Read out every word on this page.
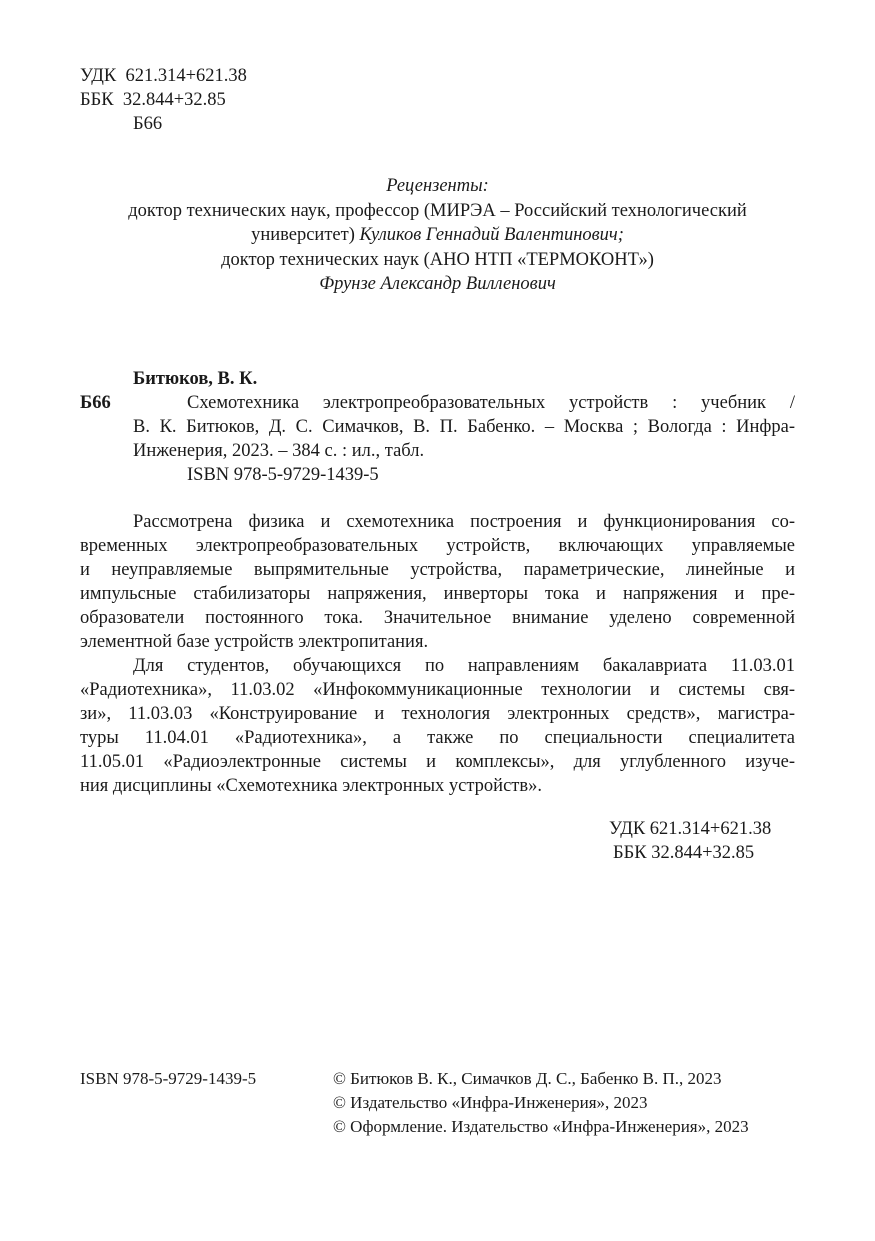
УДК 621.314+621.38
ББК 32.844+32.85
Б66
Рецензенты:
доктор технических наук, профессор (МИРЭА – Российский технологический
университет) Куликов Геннадий Валентинович;
доктор технических наук (АНО НТП «ТЕРМОКОНТ»)
Фрунзе Александр Вилленович
Битюков, В. К.
Б66	Схемотехника электропреобразовательных устройств : учебник /
В. К. Битюков, Д. С. Симачков, В. П. Бабенко. – Москва ; Вологда : Инфра-
Инженерия, 2023. – 384 с. : ил., табл.
ISBN 978-5-9729-1439-5
Рассмотрена физика и схемотехника построения и функционирования со-
временных электропреобразовательных устройств, включающих управляемые
и неуправляемые выпрямительные устройства, параметрические, линейные и
импульсные стабилизаторы напряжения, инверторы тока и напряжения и пре-
образователи постоянного тока. Значительное внимание уделено современной
элементной базе устройств электропитания.
Для студентов, обучающихся по направлениям бакалавриата 11.03.01
«Радиотехника», 11.03.02 «Инфокоммуникационные технологии и системы свя-
зи», 11.03.03 «Конструирование и технология электронных средств», магистра-
туры 11.04.01 «Радиотехника», а также по специальности специалитета
11.05.01 «Радиоэлектронные системы и комплексы», для углубленного изуче-
ния дисциплины «Схемотехника электронных устройств».
УДК 621.314+621.38
ББК 32.844+32.85
ISBN 978-5-9729-1439-5	© Битюков В. К., Симачков Д. С., Бабенко В. П., 2023
© Издательство «Инфра-Инженерия», 2023
© Оформление. Издательство «Инфра-Инженерия», 2023
